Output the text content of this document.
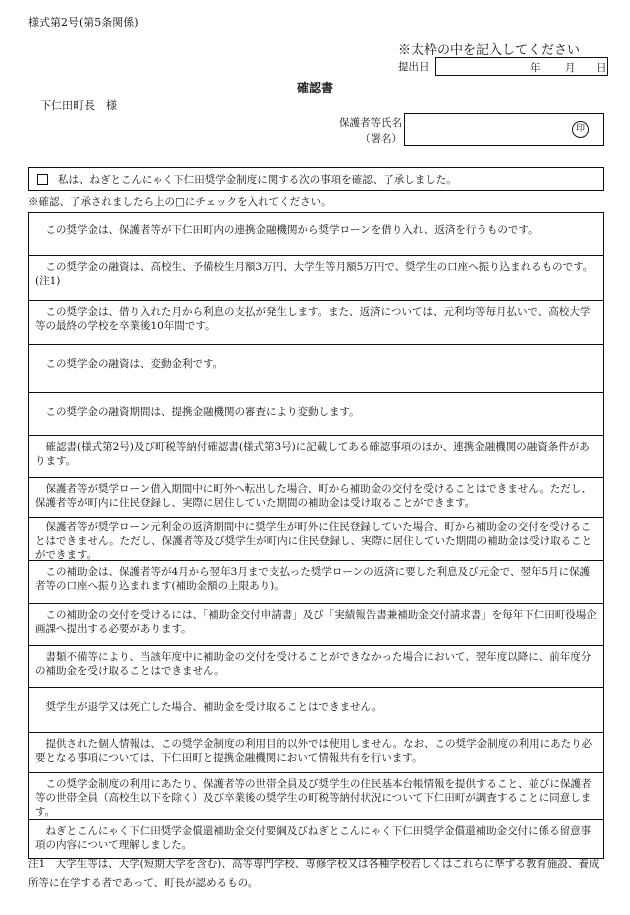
様式第2号(第5条関係)
※太枠の中を記入してください
提出日	年 月 日
確認書
下仁田町長　様
保護者等氏名
（署名）
印
私は、ねぎとこんにゃく下仁田奨学金制度に関する次の事項を確認、了承しました。
※確認、了承されましたら上の□にチェックを入れてください。
この奨学金は、保護者等が下仁田町内の連携金融機関から奨学ローンを借り入れ、返済を行うものです。
この奨学金の融資は、高校生、予備校生月額3万円、大学生等月額5万円で、奨学生の口座へ振り込まれるものです。(注1)
この奨学金は、借り入れた月から利息の支払が発生します。また、返済については、元利均等毎月払いで、高校大学等の最終の学校を卒業後10年間です。
この奨学金の融資は、変動金利です。
この奨学金の融資期間は、提携金融機関の審査により変動します。
確認書(様式第2号)及び町税等納付確認書(様式第3号)に記載してある確認事項のほか、連携金融機関の融資条件があります。
保護者等が奨学ローン借入期間中に町外へ転出した場合、町から補助金の交付を受けることはできません。ただし、保護者等が町内に住民登録し、実際に居住していた期間の補助金は受け取ることができます。
保護者等が奨学ローン元利金の返済期間中に奨学生が町外に住民登録していた場合、町から補助金の交付を受けることはできません。ただし、保護者等及び奨学生が町内に住民登録し、実際に居住していた期間の補助金は受け取ることができます。
この補助金は、保護者等が4月から翌年3月まで支払った奨学ローンの返済に要した利息及び元金で、翌年5月に保護者等の口座へ振り込まれます(補助金額の上限あり)。
この補助金の交付を受けるには、「補助金交付申請書」及び「実績報告書兼補助金交付請求書」を毎年下仁田町役場企画課へ提出する必要があります。
書類不備等により、当該年度中に補助金の交付を受けることができなかった場合において、翌年度以降に、前年度分の補助金を受け取ることはできません。
奨学生が退学又は死亡した場合、補助金を受け取ることはできません。
提供された個人情報は、この奨学金制度の利用目的以外では使用しません。なお、この奨学金制度の利用にあたり必要となる事項については、下仁田町と提携金融機関において情報共有を行います。
この奨学金制度の利用にあたり、保護者等の世帯全員及び奨学生の住民基本台帳情報を提供すること、並びに保護者等の世帯全員（高校生以下を除く）及び卒業後の奨学生の町税等納付状況について下仁田町が調査することに同意します。
ねぎとこんにゃく下仁田奨学金償還補助金交付要綱及びねぎとこんにゃく下仁田奨学金償還補助金交付に係る留意事項の内容について理解しました。
注1　大学生等は、大学(短期大学を含む)、高等専門学校、専修学校又は各種学校若しくはこれらに準ずる教育施設、養成所等に在学する者であって、町長が認めるもの。
